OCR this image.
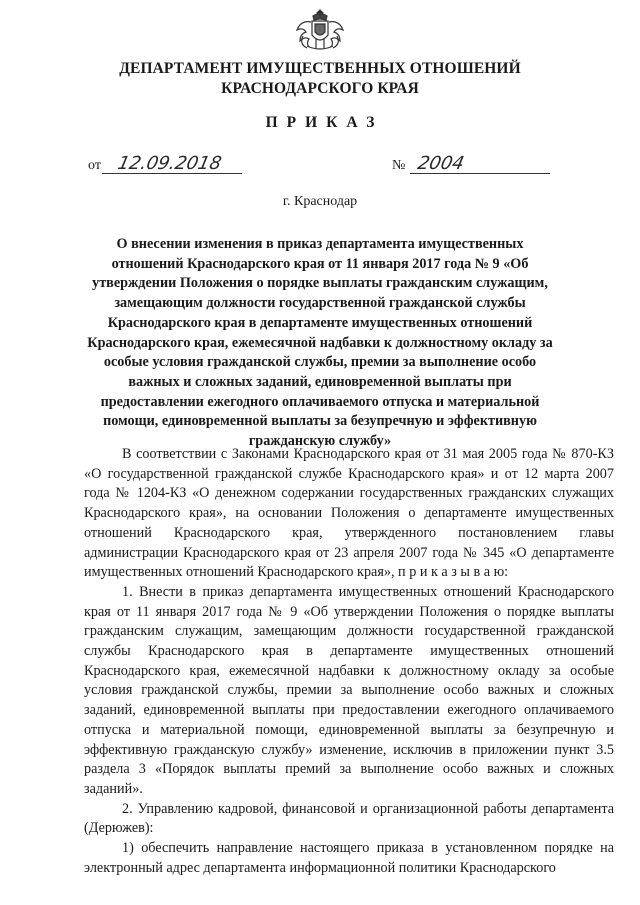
ДЕПАРТАМЕНТ ИМУЩЕСТВЕННЫХ ОТНОШЕНИЙ
КРАСНОДАРСКОГО КРАЯ
ПРИКАЗ
от 12.09.2018	№ 2004
г. Краснодар

О внесении изменения в приказ департамента имущественных отношений Краснодарского края от 11 января 2017 года № 9 «Об утверждении Положения о порядке выплаты гражданским служащим, замещающим должности государственной гражданской службы Краснодарского края в департаменте имущественных отношений Краснодарского края, ежемесячной надбавки к должностному окладу за особые условия гражданской службы, премии за выполнение особо важных и сложных заданий, единовременной выплаты при предоставлении ежегодного оплачиваемого отпуска и материальной помощи, единовременной выплаты за безупречную и эффективную гражданскую службу»

В соответствии с Законами Краснодарского края от 31 мая 2005 года № 870-КЗ «О государственной гражданской службе Краснодарского края» и от 12 марта 2007 года № 1204-КЗ «О денежном содержании государственных гражданских служащих Краснодарского края», на основании Положения о департаменте имущественных отношений Краснодарского края, утвержденного постановлением главы администрации Краснодарского края от 23 апреля 2007 года № 345 «О департаменте имущественных отношений Краснодарского края», п р и к а з ы в а ю:

1. Внести в приказ департамента имущественных отношений Краснодарского края от 11 января 2017 года № 9 «Об утверждении Положения о порядке выплаты гражданским служащим, замещающим должности государственной гражданской службы Краснодарского края в департаменте имущественных отношений Краснодарского края, ежемесячной надбавки к должностному окладу за особые условия гражданской службы, премии за выполнение особо важных и сложных заданий, единовременной выплаты при предоставлении ежегодного оплачиваемого отпуска и материальной помощи, единовременной выплаты за безупречную и эффективную гражданскую службу» изменение, исключив в приложении пункт 3.5 раздела 3 «Порядок выплаты премий за выполнение особо важных и сложных заданий».

2. Управлению кадровой, финансовой и организационной работы департамента (Дерюжев):

1) обеспечить направление настоящего приказа в установленном порядке на электронный адрес департамента информационной политики Краснодарского
